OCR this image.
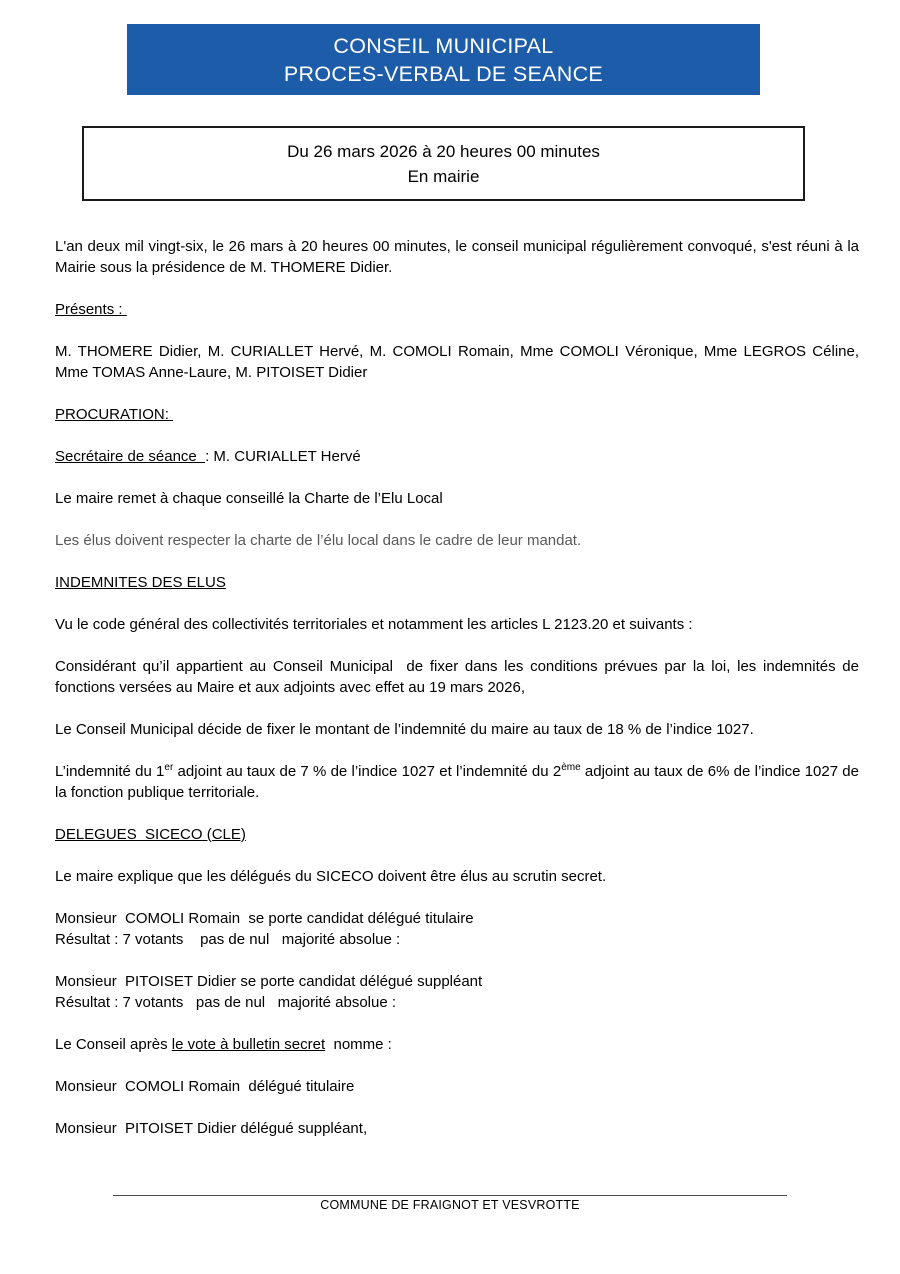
CONSEIL MUNICIPAL
PROCES-VERBAL DE SEANCE
Du 26 mars 2026 à 20 heures 00 minutes
En mairie

L'an deux mil vingt-six, le 26 mars à 20 heures 00 minutes, le conseil municipal régulièrement convoqué, s'est réuni à la Mairie sous la présidence de M. THOMERE Didier.

Présents :

M. THOMERE Didier, M. CURIALLET Hervé, M. COMOLI Romain, Mme COMOLI Véronique, Mme LEGROS Céline, Mme TOMAS Anne-Laure, M. PITOISET Didier

PROCURATION:

Secrétaire de séance  : M. CURIALLET Hervé

Le maire remet à chaque conseillé la Charte de l’Elu Local

Les élus doivent respecter la charte de l’élu local dans le cadre de leur mandat.

INDEMNITES DES ELUS

Vu le code général des collectivités territoriales et notamment les articles L 2123.20 et suivants :

Considérant qu’il appartient au Conseil Municipal  de fixer dans les conditions prévues par la loi, les indemnités de fonctions versées au Maire et aux adjoints avec effet au 19 mars 2026,

Le Conseil Municipal décide de fixer le montant de l’indemnité du maire au taux de 18 % de l’indice 1027.

L’indemnité du 1er adjoint au taux de 7 % de l’indice 1027 et l’indemnité du 2ème adjoint au taux de 6% de l’indice 1027 de la fonction publique territoriale.

DELEGUES  SICECO (CLE)

Le maire explique que les délégués du SICECO doivent être élus au scrutin secret.

Monsieur  COMOLI Romain  se porte candidat délégué titulaire
Résultat : 7 votants    pas de nul   majorité absolue :

Monsieur  PITOISET Didier se porte candidat délégué suppléant
Résultat : 7 votants   pas de nul   majorité absolue :

Le Conseil après le vote à bulletin secret  nomme :

Monsieur  COMOLI Romain  délégué titulaire

Monsieur  PITOISET Didier délégué suppléant,

COMMUNE DE FRAIGNOT ET VESVROTTE
